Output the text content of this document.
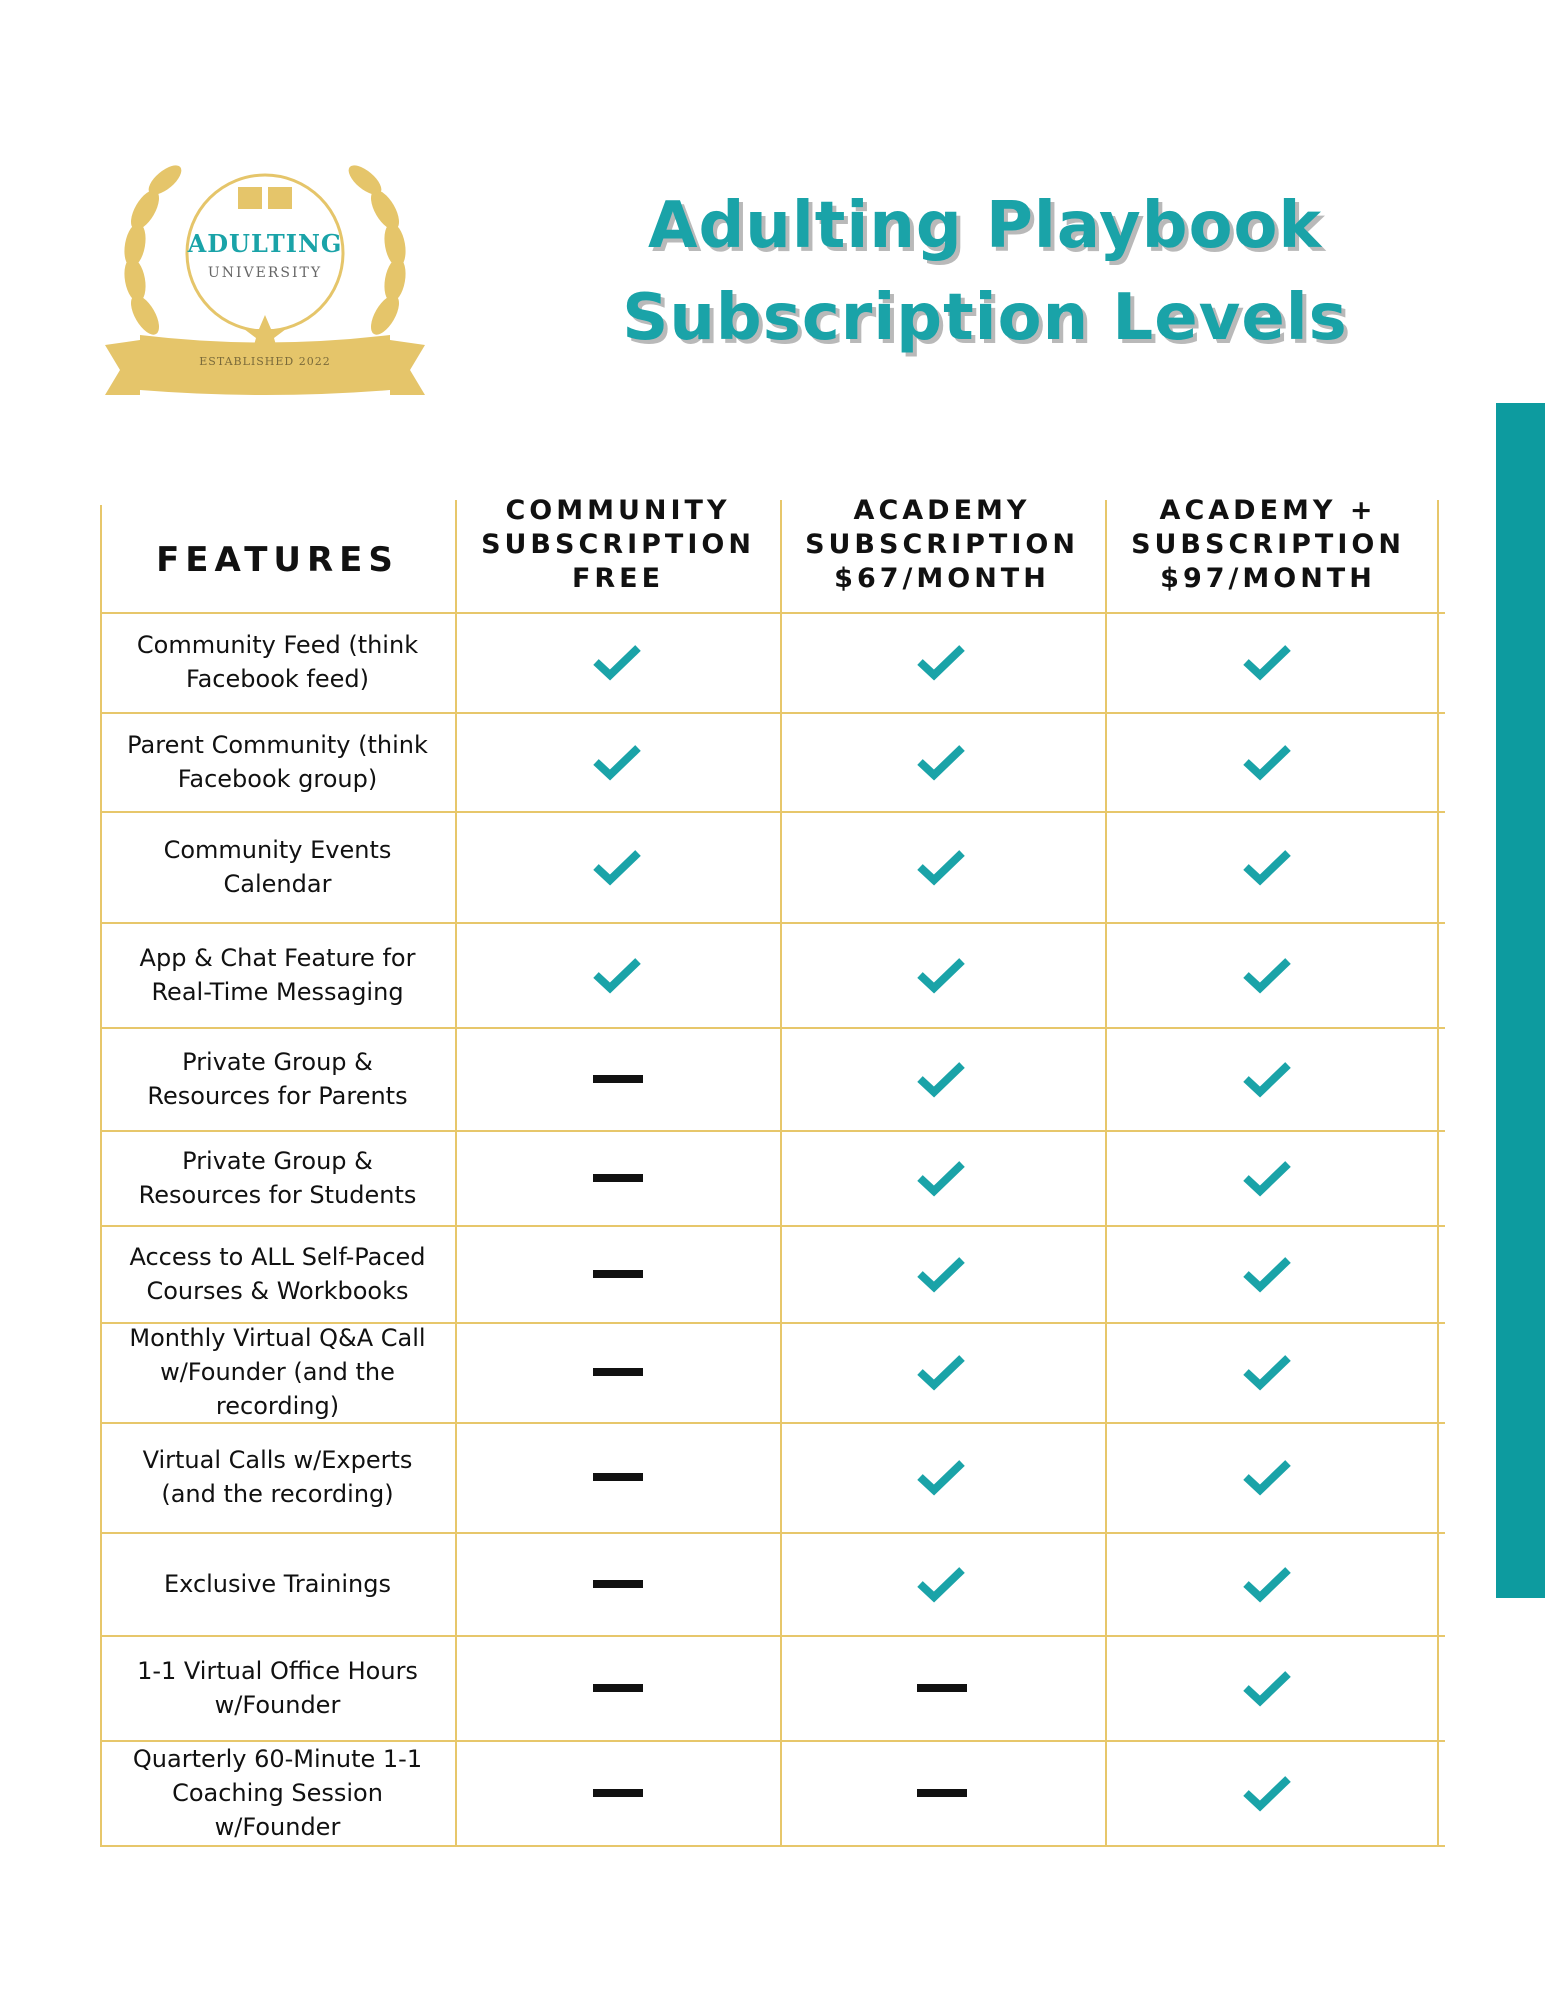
ADULTING
UNIVERSITY
ESTABLISHED 2022
Adulting Playbook
Subscription Levels
FEATURES
COMMUNITY
SUBSCRIPTION
FREE
ACADEMY
SUBSCRIPTION
$67/MONTH
ACADEMY +
SUBSCRIPTION
$97/MONTH
Community Feed (think
Facebook feed)
Parent Community (think
Facebook group)
Community Events
Calendar
App & Chat Feature for
Real-Time Messaging
Private Group &
Resources for Parents
Private Group &
Resources for Students
Access to ALL Self-Paced
Courses & Workbooks
Monthly Virtual Q&A Call
w/Founder (and the
recording)
Virtual Calls w/Experts
(and the recording)
Exclusive Trainings
1-1 Virtual Office Hours
w/Founder
Quarterly 60-Minute 1-1
Coaching Session
w/Founder
